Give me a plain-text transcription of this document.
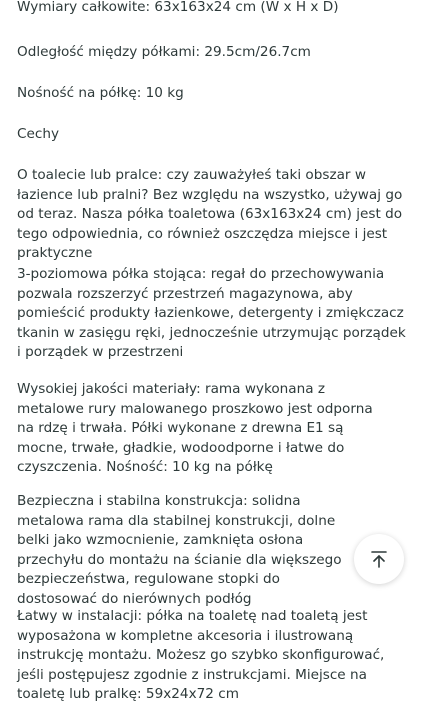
Wymiary całkowite: 63x163x24 cm (W x H x D)

Odległość między półkami: 29.5cm/26.7cm

Nośność na półkę: 10 kg

Cechy

O toalecie lub pralce: czy zauważyłeś taki obszar w łazience lub pralni? Bez względu na wszystko, używaj go od teraz. Nasza półka toaletowa (63x163x24 cm) jest do tego odpowiednia, co również oszczędza miejsce i jest praktyczne

3-poziomowa półka stojąca: regał do przechowywania pozwala rozszerzyć przestrzeń magazynowa, aby pomieścić produkty łazienkowe, detergenty i zmiękczacz tkanin w zasięgu ręki, jednocześnie utrzymując porządek i porządek w przestrzeni

Wysokiej jakości materiały: rama wykonana z metalowe rury malowanego proszkowo jest odporna na rdzę i trwała. Półki wykonane z drewna E1 są mocne, trwałe, gładkie, wodoodporne i łatwe do czyszczenia. Nośność: 10 kg na półkę

Bezpieczna i stabilna konstrukcja: solidna metalowa rama dla stabilnej konstrukcji, dolne belki jako wzmocnienie, zamknięta osłona przechyłu do montażu na ścianie dla większego bezpieczeństwa, regulowane stopki do dostosować do nierównych podłóg

Łatwy w instalacji: półka na toaletę nad toaletą jest wyposażona w kompletne akcesoria i ilustrowaną instrukcję montażu. Możesz go szybko skonfigurować, jeśli postępujesz zgodnie z instrukcjami. Miejsce na toaletę lub pralkę: 59x24x72 cm
